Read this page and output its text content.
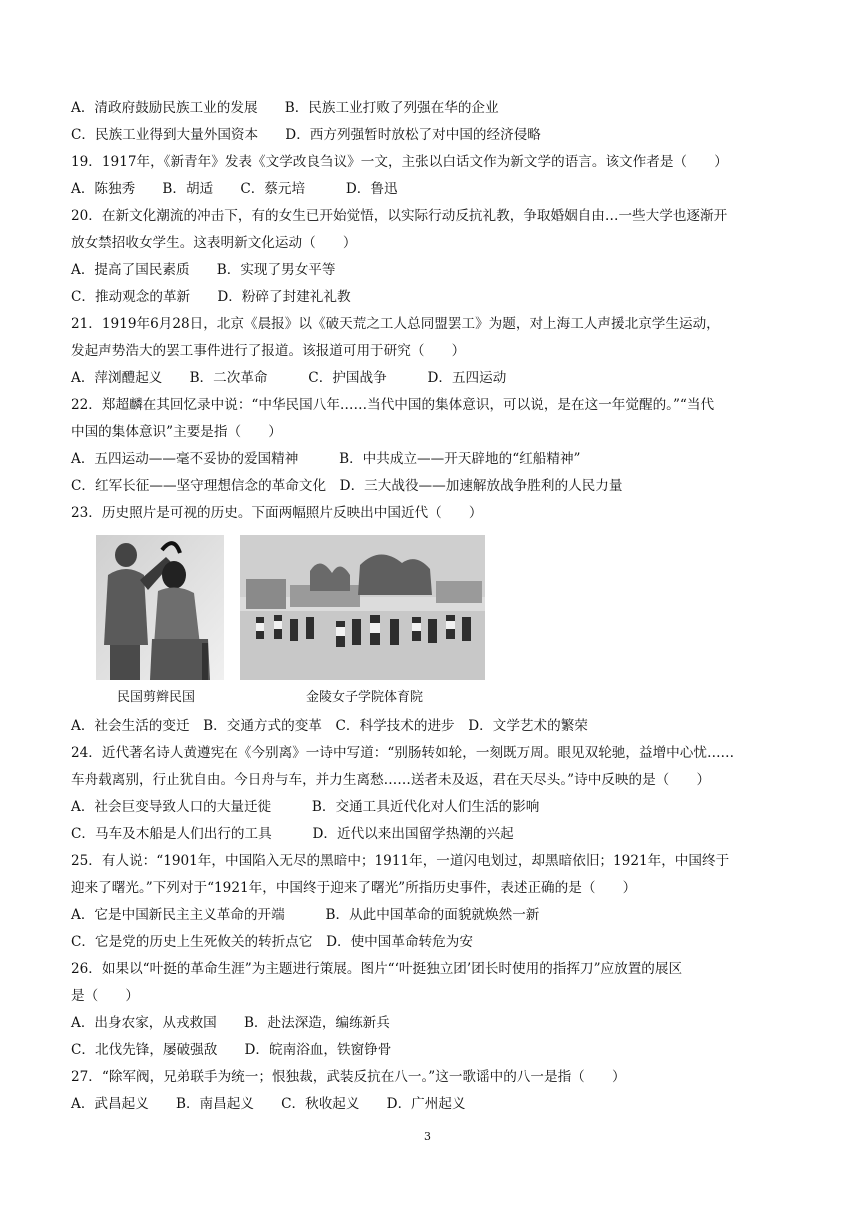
A．清政府鼓励民族工业的发展　　B．民族工业打败了列强在华的企业
C．民族工业得到大量外国资本　　D．西方列强暂时放松了对中国的经济侵略
19．1917年，《新青年》发表《文学改良刍议》一文，主张以白话文作为新文学的语言。该文作者是（　　）
A．陈独秀　　B．胡适　　C．蔡元培　　　D．鲁迅
20．在新文化潮流的冲击下，有的女生已开始觉悟，以实际行动反抗礼教，争取婚姻自由…一些大学也逐渐开
放女禁招收女学生。这表明新文化运动（　　）
A．提高了国民素质　　B．实现了男女平等
C．推动观念的革新　　D．粉碎了封建礼礼教
21．1919年6月28日，北京《晨报》以《破天荒之工人总同盟罢工》为题，对上海工人声援北京学生运动，
发起声势浩大的罢工事件进行了报道。该报道可用于研究（　　）
A．萍浏醴起义　　B．二次革命　　　C．护国战争　　　D．五四运动
22．郑超麟在其回忆录中说：“中华民国八年……当代中国的集体意识，可以说，是在这一年觉醒的。”“当代
中国的集体意识”主要是指（　　）
A．五四运动——毫不妥协的爱国精神　　　B．中共成立——开天辟地的“红船精神”
C．红军长征——坚守理想信念的革命文化　D．三大战役——加速解放战争胜利的人民力量
23．历史照片是可视的历史。下面两幅照片反映出中国近代（　　）
民国剪辫民国	金陵女子学院体育院
A．社会生活的变迁　B．交通方式的变革　C．科学技术的进步　D．文学艺术的繁荣
24．近代著名诗人黄遵宪在《今别离》一诗中写道：“别肠转如轮，一刻既万周。眼见双轮驰，益增中心忧……
车舟载离别，行止犹自由。今日舟与车，并力生离愁……送者未及返，君在天尽头。”诗中反映的是（　　）
A．社会巨变导致人口的大量迁徙　　　B．交通工具近代化对人们生活的影响
C．马车及木船是人们出行的工具　　　D．近代以来出国留学热潮的兴起
25．有人说：“1901年，中国陷入无尽的黑暗中；1911年，一道闪电划过，却黑暗依旧；1921年，中国终于
迎来了曙光。”下列对于“1921年，中国终于迎来了曙光”所指历史事件，表述正确的是（　　）
A．它是中国新民主主义革命的开端　　　B．从此中国革命的面貌就焕然一新
C．它是党的历史上生死攸关的转折点它　D．使中国革命转危为安
26．如果以“叶挺的革命生涯”为主题进行策展。图片“‘叶挺独立团’团长时使用的指挥刀”应放置的展区
是（　　）
A．出身农家，从戎救国　　B．赴法深造，编练新兵
C．北伐先锋，屡破强敌　　D．皖南浴血，铁窗铮骨
27．“除军阀，兄弟联手为统一；恨独裁，武装反抗在八一。”这一歌谣中的八一是指（　　）
A．武昌起义　　B．南昌起义　　C．秋收起义　　D．广州起义
3
